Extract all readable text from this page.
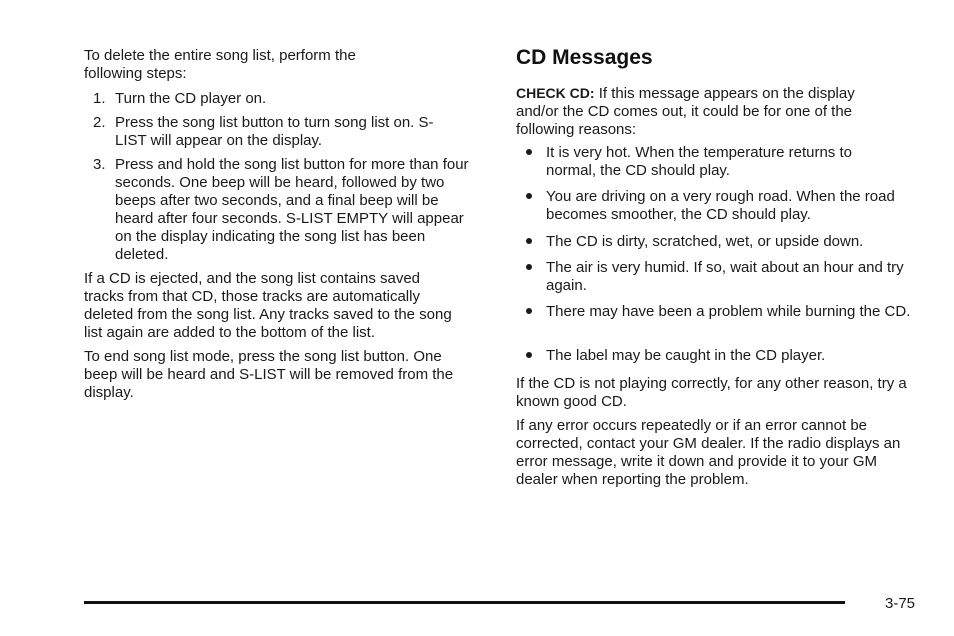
To delete the entire song list, perform the following steps:

1. Turn the CD player on.
2. Press the song list button to turn song list on. S-LIST will appear on the display.
3. Press and hold the song list button for more than four seconds. One beep will be heard, followed by two beeps after two seconds, and a final beep will be heard after four seconds. S-LIST EMPTY will appear on the display indicating the song list has been deleted.

If a CD is ejected, and the song list contains saved tracks from that CD, those tracks are automatically deleted from the song list. Any tracks saved to the song list again are added to the bottom of the list.

To end song list mode, press the song list button. One beep will be heard and S-LIST will be removed from the display.

CD Messages

CHECK CD: If this message appears on the display and/or the CD comes out, it could be for one of the following reasons:

It is very hot. When the temperature returns to normal, the CD should play.
You are driving on a very rough road. When the road becomes smoother, the CD should play.
The CD is dirty, scratched, wet, or upside down.
The air is very humid. If so, wait about an hour and try again.
There may have been a problem while burning the CD.
The label may be caught in the CD player.

If the CD is not playing correctly, for any other reason, try a known good CD.

If any error occurs repeatedly or if an error cannot be corrected, contact your GM dealer. If the radio displays an error message, write it down and provide it to your GM dealer when reporting the problem.

3-75
